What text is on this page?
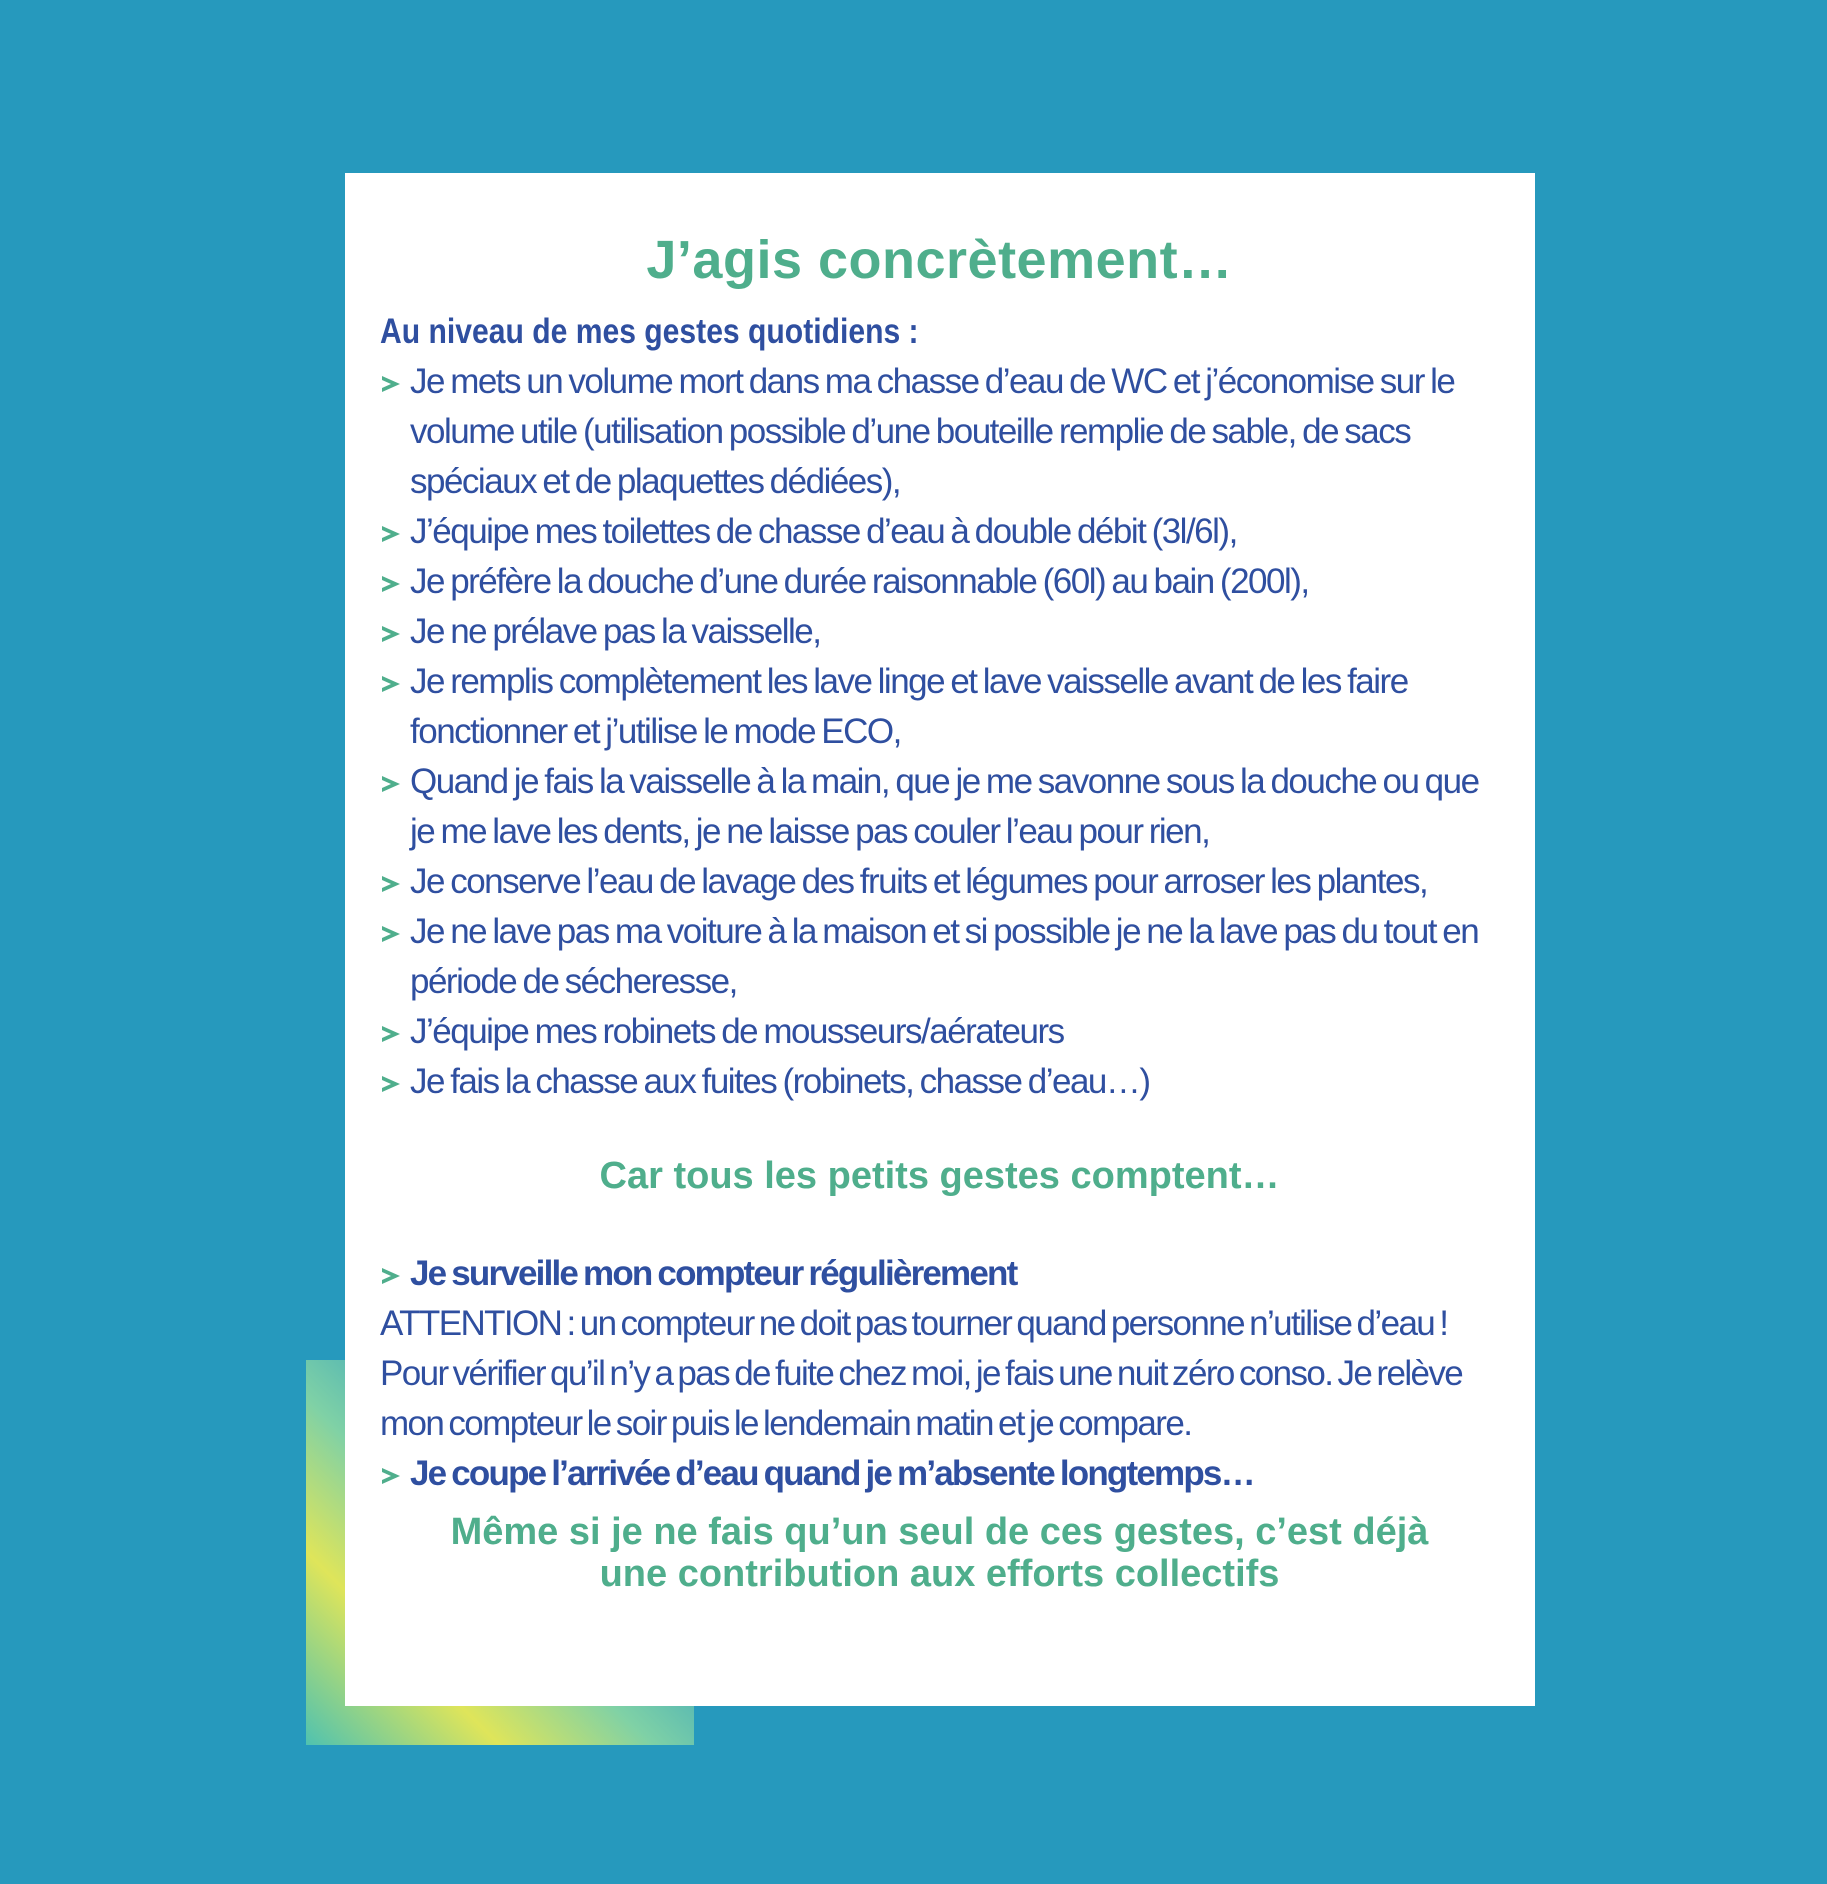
J’agis concrètement…
Au niveau de mes gestes quotidiens :
Je mets un volume mort dans ma chasse d’eau de WC et j’économise sur le volume utile (utilisation possible d’une bouteille remplie de sable, de sacs spéciaux et de plaquettes dédiées),
J’équipe mes toilettes de chasse d’eau à double débit (3l/6l),
Je préfère la douche d’une durée raisonnable (60l) au bain (200l),
Je ne prélave pas la vaisselle,
Je remplis complètement les lave linge et lave vaisselle avant de les faire fonctionner et j’utilise le mode ECO,
Quand je fais la vaisselle à la main, que je me savonne sous la douche ou que je me lave les dents, je ne laisse pas couler l’eau pour rien,
Je conserve l’eau de lavage des fruits et légumes pour arroser les plantes,
Je ne lave pas ma voiture à la maison et si possible je ne la lave pas du tout en période de sécheresse,
J’équipe mes robinets de mousseurs/aérateurs
Je fais la chasse aux fuites (robinets, chasse d’eau…)

Car tous les petits gestes comptent…

Je surveille mon compteur régulièrement
ATTENTION : un compteur ne doit pas tourner quand personne n’utilise d’eau ! Pour vérifier qu’il n’y a pas de fuite chez moi, je fais une nuit zéro conso. Je relève mon compteur le soir puis le lendemain matin et je compare.
Je coupe l’arrivée d’eau quand je m’absente longtemps…

Même si je ne fais qu’un seul de ces gestes, c’est déjà
une contribution aux efforts collectifs
